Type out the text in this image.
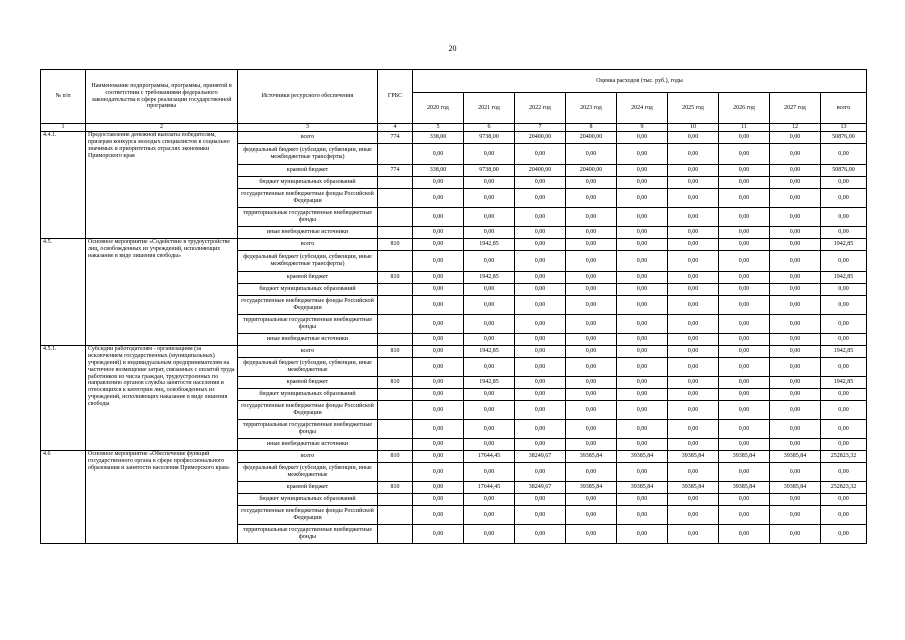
20
№ п/п	Наименование подпрограммы, программы, принятой в соответствии с требованиями федерального законодательства в сфере реализации государственной программы	Источники ресурсного обеспечения	ГРБС	Оценка расходов (тыс. руб.), годы								
				2020 год	2021 год	2022 год	2023 год	2024 год	2025 год	2026 год	2027 год	всего
1	2	3	4	5	6	7	8	9	10	11	12	13
4.4.1.	Предоставление денежной выплаты победителям, призерам конкурса молодых специалистов в социально значимых и приоритетных отраслях экономики Приморского края	всего	774	338,00	9738,00	20400,00	20400,00	0,00	0,00	0,00	0,00	50876,00
		федеральный бюджет (субсидии, субвенции, иные межбюджетные трансферты)		0,00	0,00	0,00	0,00	0,00	0,00	0,00	0,00	0,00
		краевой бюджет	774	338,00	9738,00	20400,00	20400,00	0,00	0,00	0,00	0,00	50876,00
		бюджет муниципальных образований		0,00	0,00	0,00	0,00	0,00	0,00	0,00	0,00	0,00
		государственные внебюджетные фонды Российской Федерации		0,00	0,00	0,00	0,00	0,00	0,00	0,00	0,00	0,00
		территориальные государственные внебюджетные фонды		0,00	0,00	0,00	0,00	0,00	0,00	0,00	0,00	0,00
		иные внебюджетные источники		0,00	0,00	0,00	0,00	0,00	0,00	0,00	0,00	0,00
4.5.	Основное мероприятие «Содействие в трудоустройстве лиц, освобожденных из учреждений, исполняющих наказание в виде лишения свободы»	всего	810	0,00	1942,85	0,00	0,00	0,00	0,00	0,00	0,00	1942,85
		федеральный бюджет (субсидии, субвенции, иные межбюджетные трансферты)		0,00	0,00	0,00	0,00	0,00	0,00	0,00	0,00	0,00
		краевой бюджет	810	0,00	1942,85	0,00	0,00	0,00	0,00	0,00	0,00	1942,85
		бюджет муниципальных образований		0,00	0,00	0,00	0,00	0,00	0,00	0,00	0,00	0,00
		государственные внебюджетные фонды Российской Федерации		0,00	0,00	0,00	0,00	0,00	0,00	0,00	0,00	0,00
		территориальные государственные внебюджетные фонды		0,00	0,00	0,00	0,00	0,00	0,00	0,00	0,00	0,00
		иные внебюджетные источники		0,00	0,00	0,00	0,00	0,00	0,00	0,00	0,00	0,00
4.5.1.	Субсидии работодателям - организациям (за исключением государственных (муниципальных) учреждений) и индивидуальным предпринимателям на частичное возмещение затрат, связанных с оплатой труда работников из числа граждан, трудоустроенных по направлению органов службы занятости населения и относящихся к категории лиц, освобожденных из учреждений, исполняющих наказание в виде лишения свободы	всего	810	0,00	1942,85	0,00	0,00	0,00	0,00	0,00	0,00	1942,85
		федеральный бюджет (субсидии, субвенции, иные межбюджетные		0,00	0,00	0,00	0,00	0,00	0,00	0,00	0,00	0,00
		краевой бюджет	810	0,00	1942,85	0,00	0,00	0,00	0,00	0,00	0,00	1942,85
		бюджет муниципальных образований		0,00	0,00	0,00	0,00	0,00	0,00	0,00	0,00	0,00
		государственные внебюджетные фонды Российской Федерации		0,00	0,00	0,00	0,00	0,00	0,00	0,00	0,00	0,00
		территориальные государственные внебюджетные фонды		0,00	0,00	0,00	0,00	0,00	0,00	0,00	0,00	0,00
		иные внебюджетные источники		0,00	0,00	0,00	0,00	0,00	0,00	0,00	0,00	0,00
4.6	Основное мероприятие «Обеспечение функций государственного органа в сфере профессионального образования и занятости населения Приморского края»	всего	810	0,00	17644,45	38249,67	39385,84	39385,84	39385,84	39385,84	39385,84	252823,32
		федеральный бюджет (субсидии, субвенции, иные межбюджетные		0,00	0,00	0,00	0,00	0,00	0,00	0,00	0,00	0,00
		краевой бюджет	810	0,00	17644,45	38249,67	39385,84	39385,84	39385,84	39385,84	39385,84	252823,32
		бюджет муниципальных образований		0,00	0,00	0,00	0,00	0,00	0,00	0,00	0,00	0,00
		государственные внебюджетные фонды Российской Федерации		0,00	0,00	0,00	0,00	0,00	0,00	0,00	0,00	0,00
		территориальные государственные внебюджетные фонды		0,00	0,00	0,00	0,00	0,00	0,00	0,00	0,00	0,00
